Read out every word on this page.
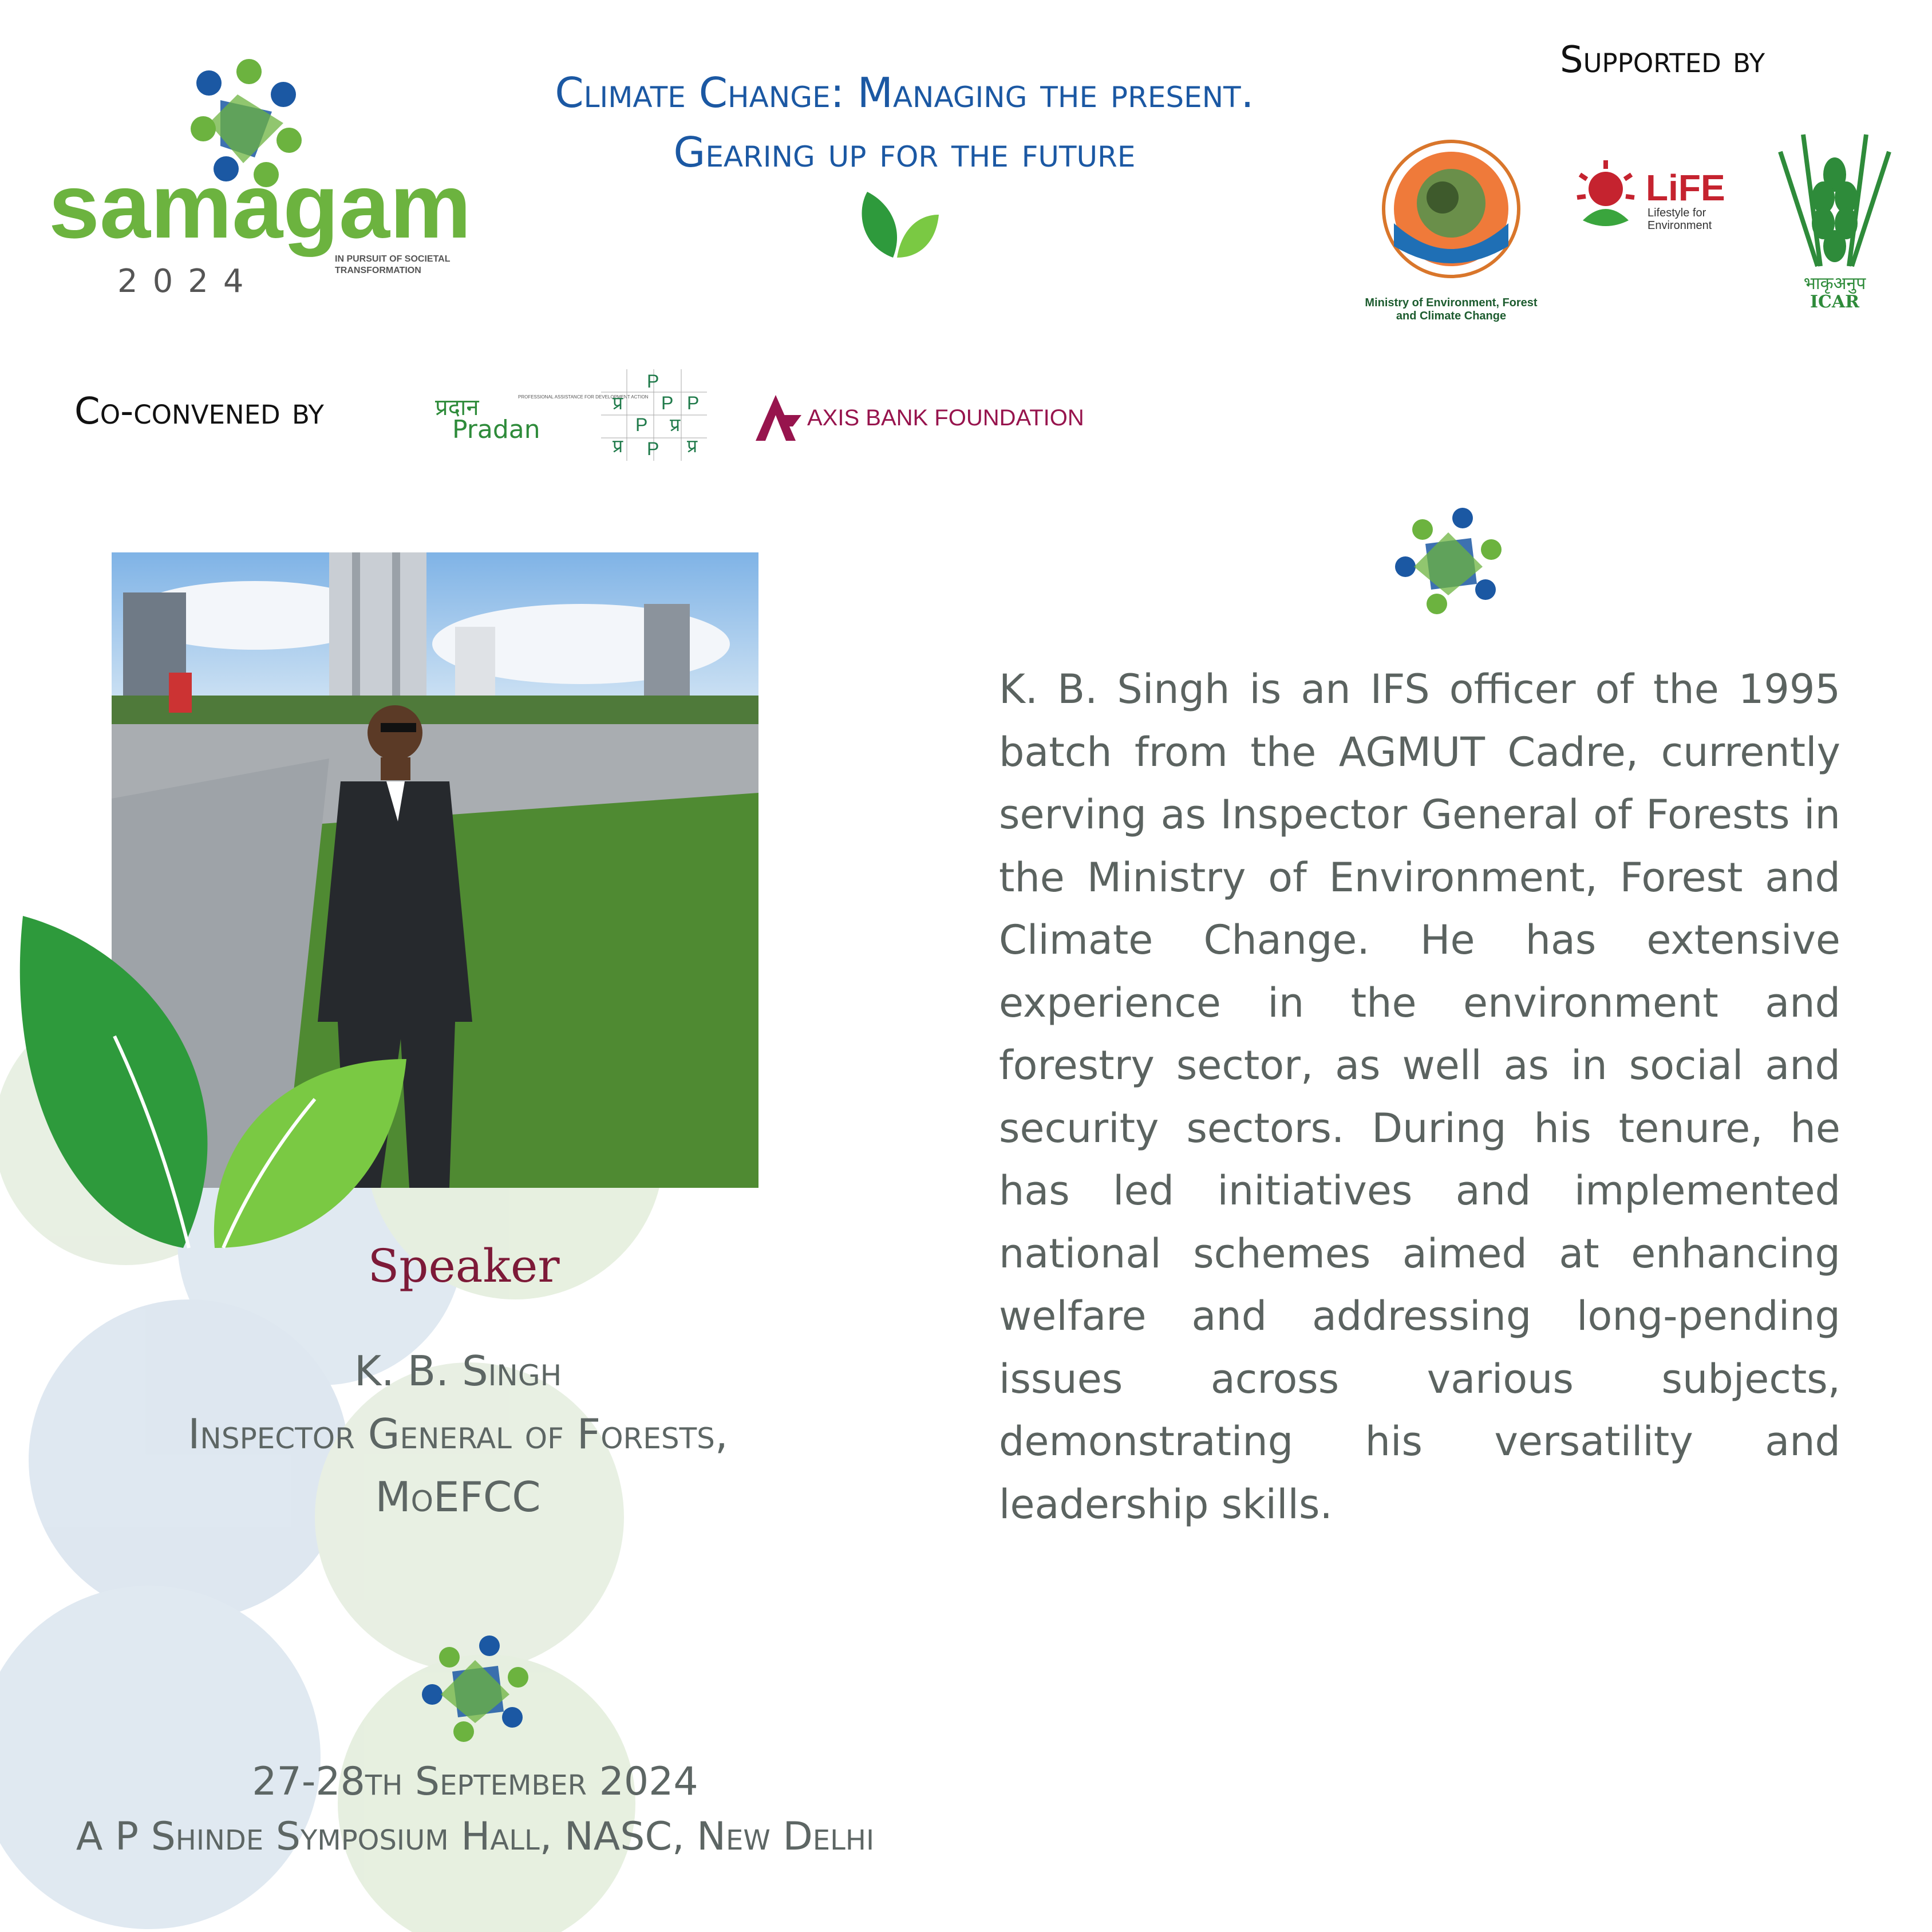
samagam
IN PURSUIT OF SOCIETAL
TRANSFORMATION
2024
Climate Change: Managing the present.
Gearing up for the future
Supported by
Ministry of Environment, Forest
and Climate Change
LiFE
Lifestyle for
Environment
भाकृअनुप
ICAR
Co-convened by	प्रदान
Pradan
PROFESSIONAL ASSISTANCE FOR DEVELOPMENT ACTION
P
प्र P P
P प्र
प्र P प्र
AXIS BANK FOUNDATION
Speaker
K. B. Singh
Inspector General of Forests,
MoEFCC
K. B. Singh is an IFS officer of the 1995 batch from the AGMUT Cadre, currently serving as Inspector General of Forests in the Ministry of Environment, Forest and Climate Change. He has extensive experience in the environment and forestry sector, as well as in social and security sectors. During his tenure, he has led initiatives and implemented national schemes aimed at enhancing welfare and addressing long-pending issues across various subjects, demonstrating his versatility and leadership skills.
27-28th September 2024
A P Shinde Symposium Hall, NASC, New Delhi
